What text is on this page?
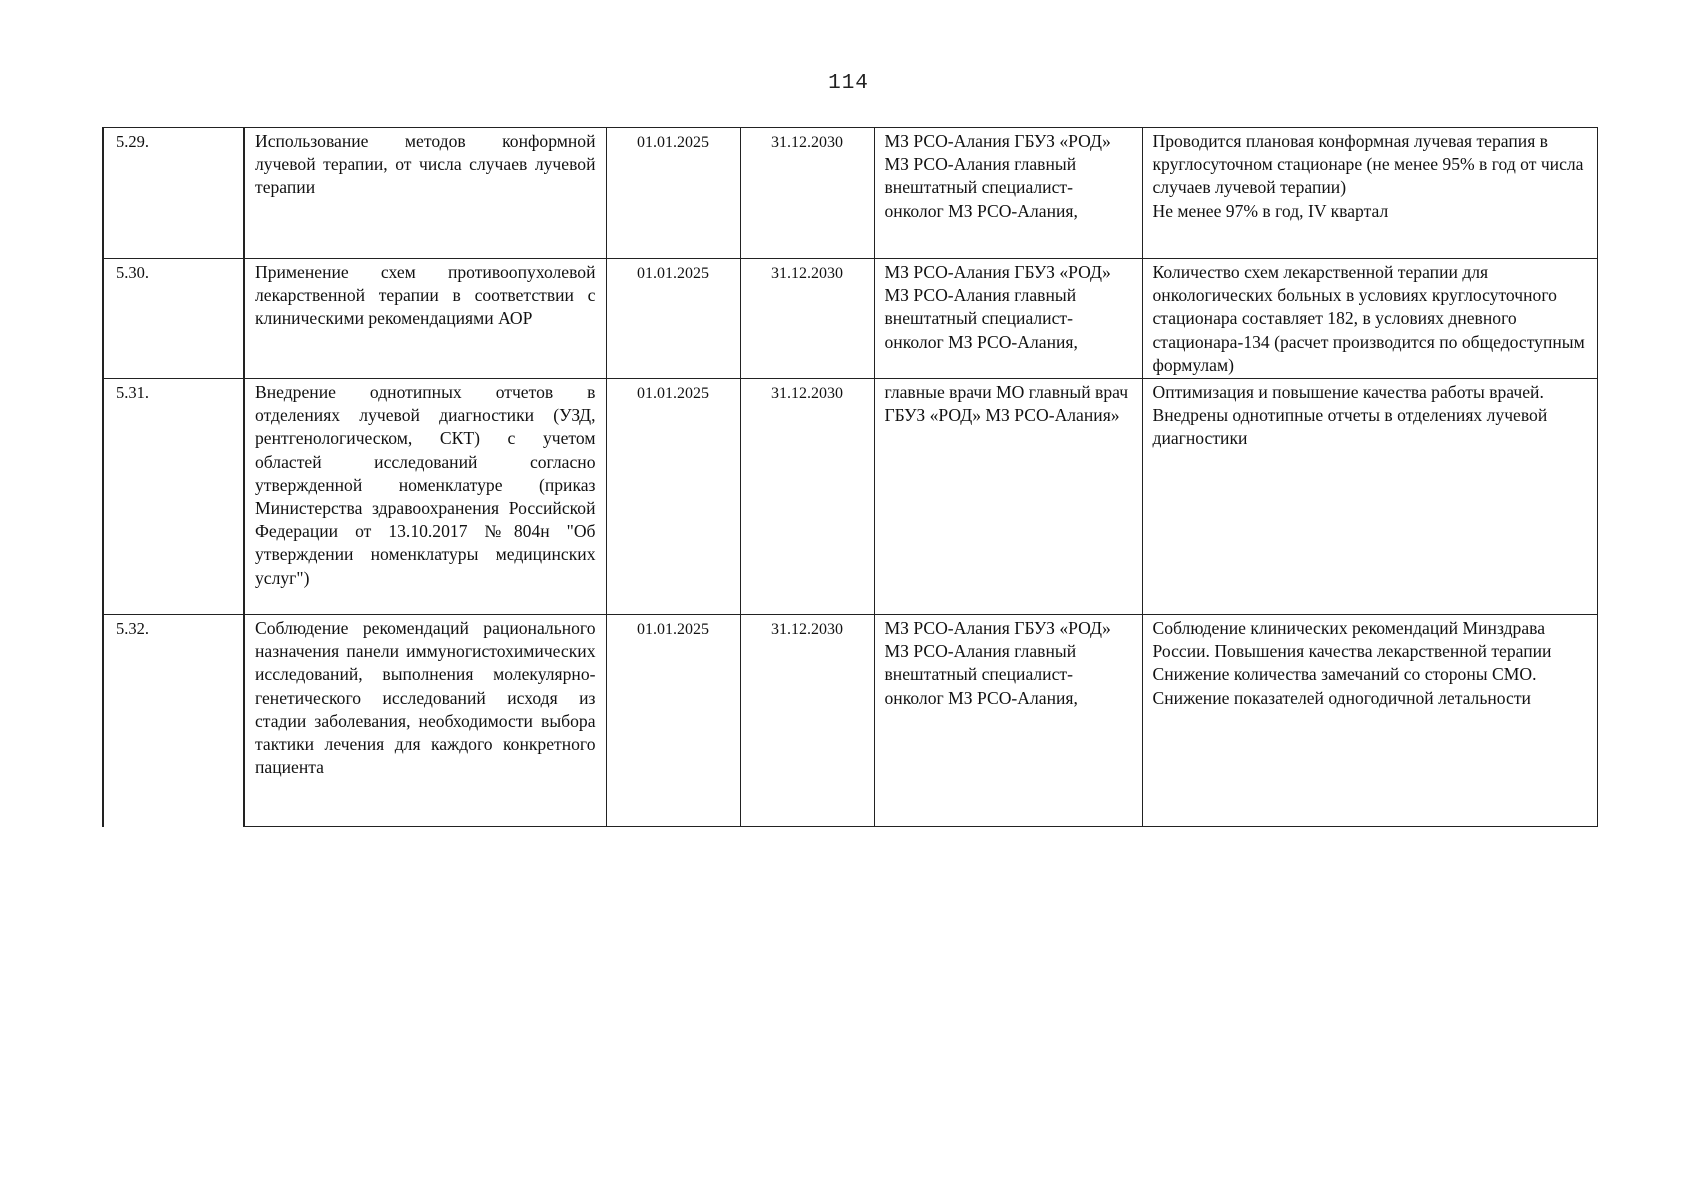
114
5.29.	Использование методов конформной лучевой терапии, от числа случаев лучевой терапии	01.01.2025	31.12.2030	МЗ РСО-Алания ГБУЗ «РОД» МЗ РСО-Алания главный внештатный специалист-онколог МЗ РСО-Алания,	Проводится плановая конформная лучевая терапия в круглосуточном стационаре (не менее 95% в год от числа случаев лучевой терапии)
Не менее 97% в год, IV квартал

5.30.	Применение схем противоопухолевой лекарственной терапии в соответствии с клиническими рекомендациями АОР	01.01.2025	31.12.2030	МЗ РСО-Алания ГБУЗ «РОД» МЗ РСО-Алания главный внештатный специалист-онколог МЗ РСО-Алания,	Количество схем лекарственной терапии для онкологических больных в условиях круглосуточного стационара составляет 182, в условиях дневного стационара-134 (расчет производится по общедоступным формулам)

5.31.	Внедрение однотипных отчетов в отделениях лучевой диагностики (УЗД, рентгенологическом, СКТ) с учетом областей исследований согласно утвержденной номенклатуре (приказ Министерства здравоохранения Российской Федерации от 13.10.2017 №804н "Об утверждении номенклатуры медицинских услуг")	01.01.2025	31.12.2030	главные врачи МО главный врач ГБУЗ «РОД» МЗ РСО-Алания»	Оптимизация и повышение качества работы врачей. Внедрены однотипные отчеты в отделениях лучевой диагностики

5.32.	Соблюдение рекомендаций рационального назначения панели иммуногистохимических исследований, выполнения молекулярно-генетического исследований исходя из стадии заболевания, необходимости выбора тактики лечения для каждого конкретного пациента	01.01.2025	31.12.2030	МЗ РСО-Алания ГБУЗ «РОД» МЗ РСО-Алания главный внештатный специалист-онколог МЗ РСО-Алания,	Соблюдение клинических рекомендаций Минздрава России. Повышения качества лекарственной терапии Снижение количества замечаний со стороны СМО. Снижение показателей одногодичной летальности
